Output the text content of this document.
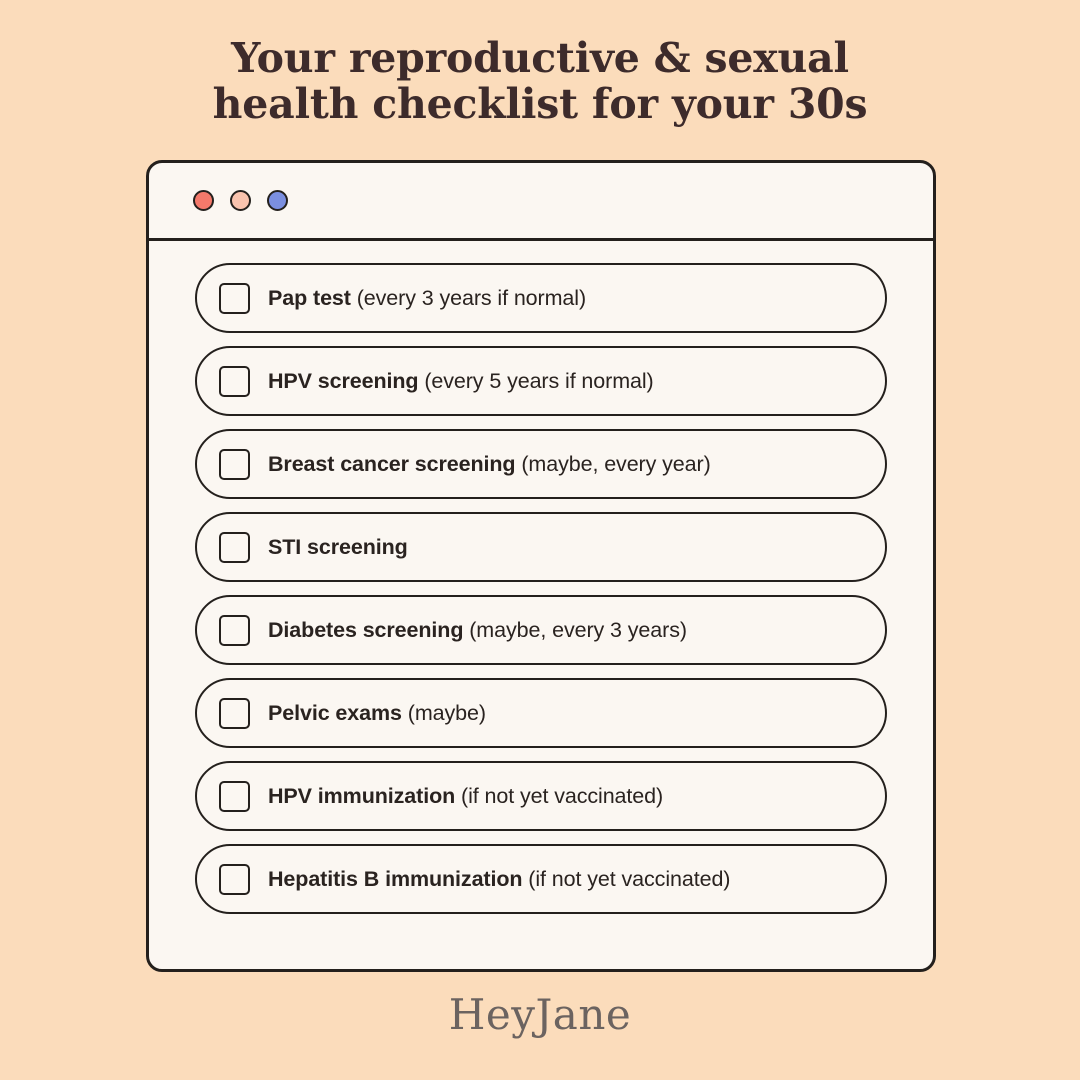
Your reproductive & sexual
health checklist for your 30s
Pap test (every 3 years if normal)
HPV screening (every 5 years if normal)
Breast cancer screening (maybe, every year)
STI screening
Diabetes screening (maybe, every 3 years)
Pelvic exams (maybe)
HPV immunization (if not yet vaccinated)
Hepatitis B immunization (if not yet vaccinated)
HeyJane
